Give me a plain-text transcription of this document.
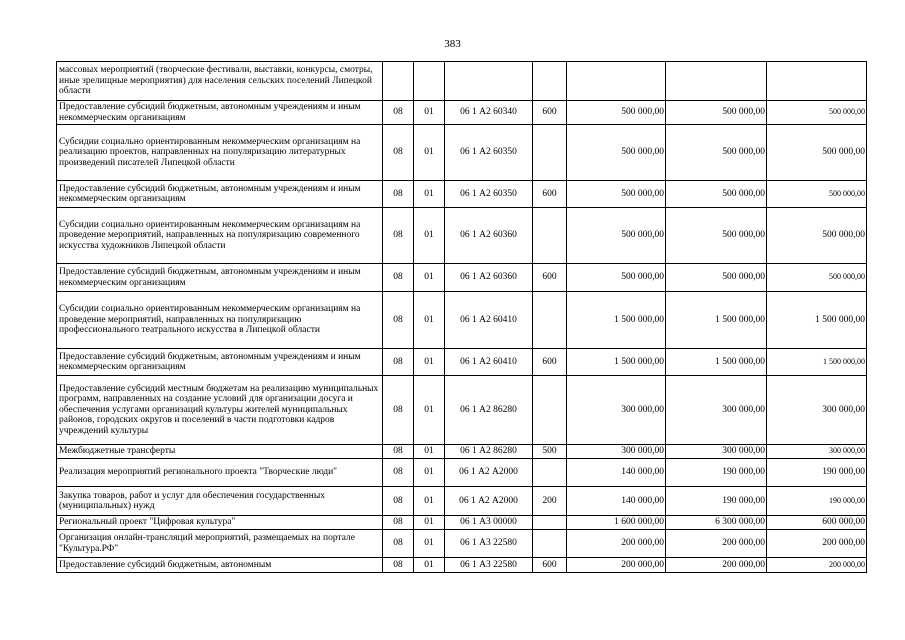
383
массовых мероприятий (творческие фестивали, выставки, конкурсы, смотры, иные зрелищные мероприятия) для населения сельских поселений Липецкой области							
Предоставление субсидий бюджетным, автономным учреждениям и иным некоммерческим организациям	08	01	06 1 А2 60340	600	500 000,00	500 000,00	500 000,00
Субсидии социально ориентированным некоммерческим организациям на реализацию проектов, направленных на популяризацию литературных произведений писателей Липецкой области	08	01	06 1 А2 60350		500 000,00	500 000,00	500 000,00
Предоставление субсидий бюджетным, автономным учреждениям и иным некоммерческим организациям	08	01	06 1 А2 60350	600	500 000,00	500 000,00	500 000,00
Субсидии социально ориентированным некоммерческим организациям на проведение мероприятий, направленных на популяризацию современного искусства художников Липецкой области	08	01	06 1 А2 60360		500 000,00	500 000,00	500 000,00
Предоставление субсидий бюджетным, автономным учреждениям и иным некоммерческим организациям	08	01	06 1 А2 60360	600	500 000,00	500 000,00	500 000,00
Субсидии социально ориентированным некоммерческим организациям на проведение мероприятий, направленных на популяризацию профессионального театрального искусства в Липецкой области	08	01	06 1 А2 60410		1 500 000,00	1 500 000,00	1 500 000,00
Предоставление субсидий бюджетным, автономным учреждениям и иным некоммерческим организациям	08	01	06 1 А2 60410	600	1 500 000,00	1 500 000,00	1 500 000,00
Предоставление субсидий местным бюджетам на реализацию муниципальных программ, направленных на создание условий для организации досуга и обеспечения услугами организаций культуры жителей муниципальных районов, городских округов и поселений в части подготовки кадров учреждений культуры	08	01	06 1 А2 86280		300 000,00	300 000,00	300 000,00
Межбюджетные трансферты	08	01	06 1 А2 86280	500	300 000,00	300 000,00	300 000,00
Реализация мероприятий регионального проекта "Творческие люди"	08	01	06 1 А2 А2000		140 000,00	190 000,00	190 000,00
Закупка товаров, работ и услуг для обеспечения государственных (муниципальных) нужд	08	01	06 1 А2 А2000	200	140 000,00	190 000,00	190 000,00
Региональный проект "Цифровая культура"	08	01	06 1 А3 00000		1 600 000,00	6 300 000,00	600 000,00
Организация онлайн-трансляций мероприятий, размещаемых на портале "Культура.РФ"	08	01	06 1 А3 22580		200 000,00	200 000,00	200 000,00
Предоставление субсидий бюджетным, автономным	08	01	06 1 А3 22580	600	200 000,00	200 000,00	200 000,00
